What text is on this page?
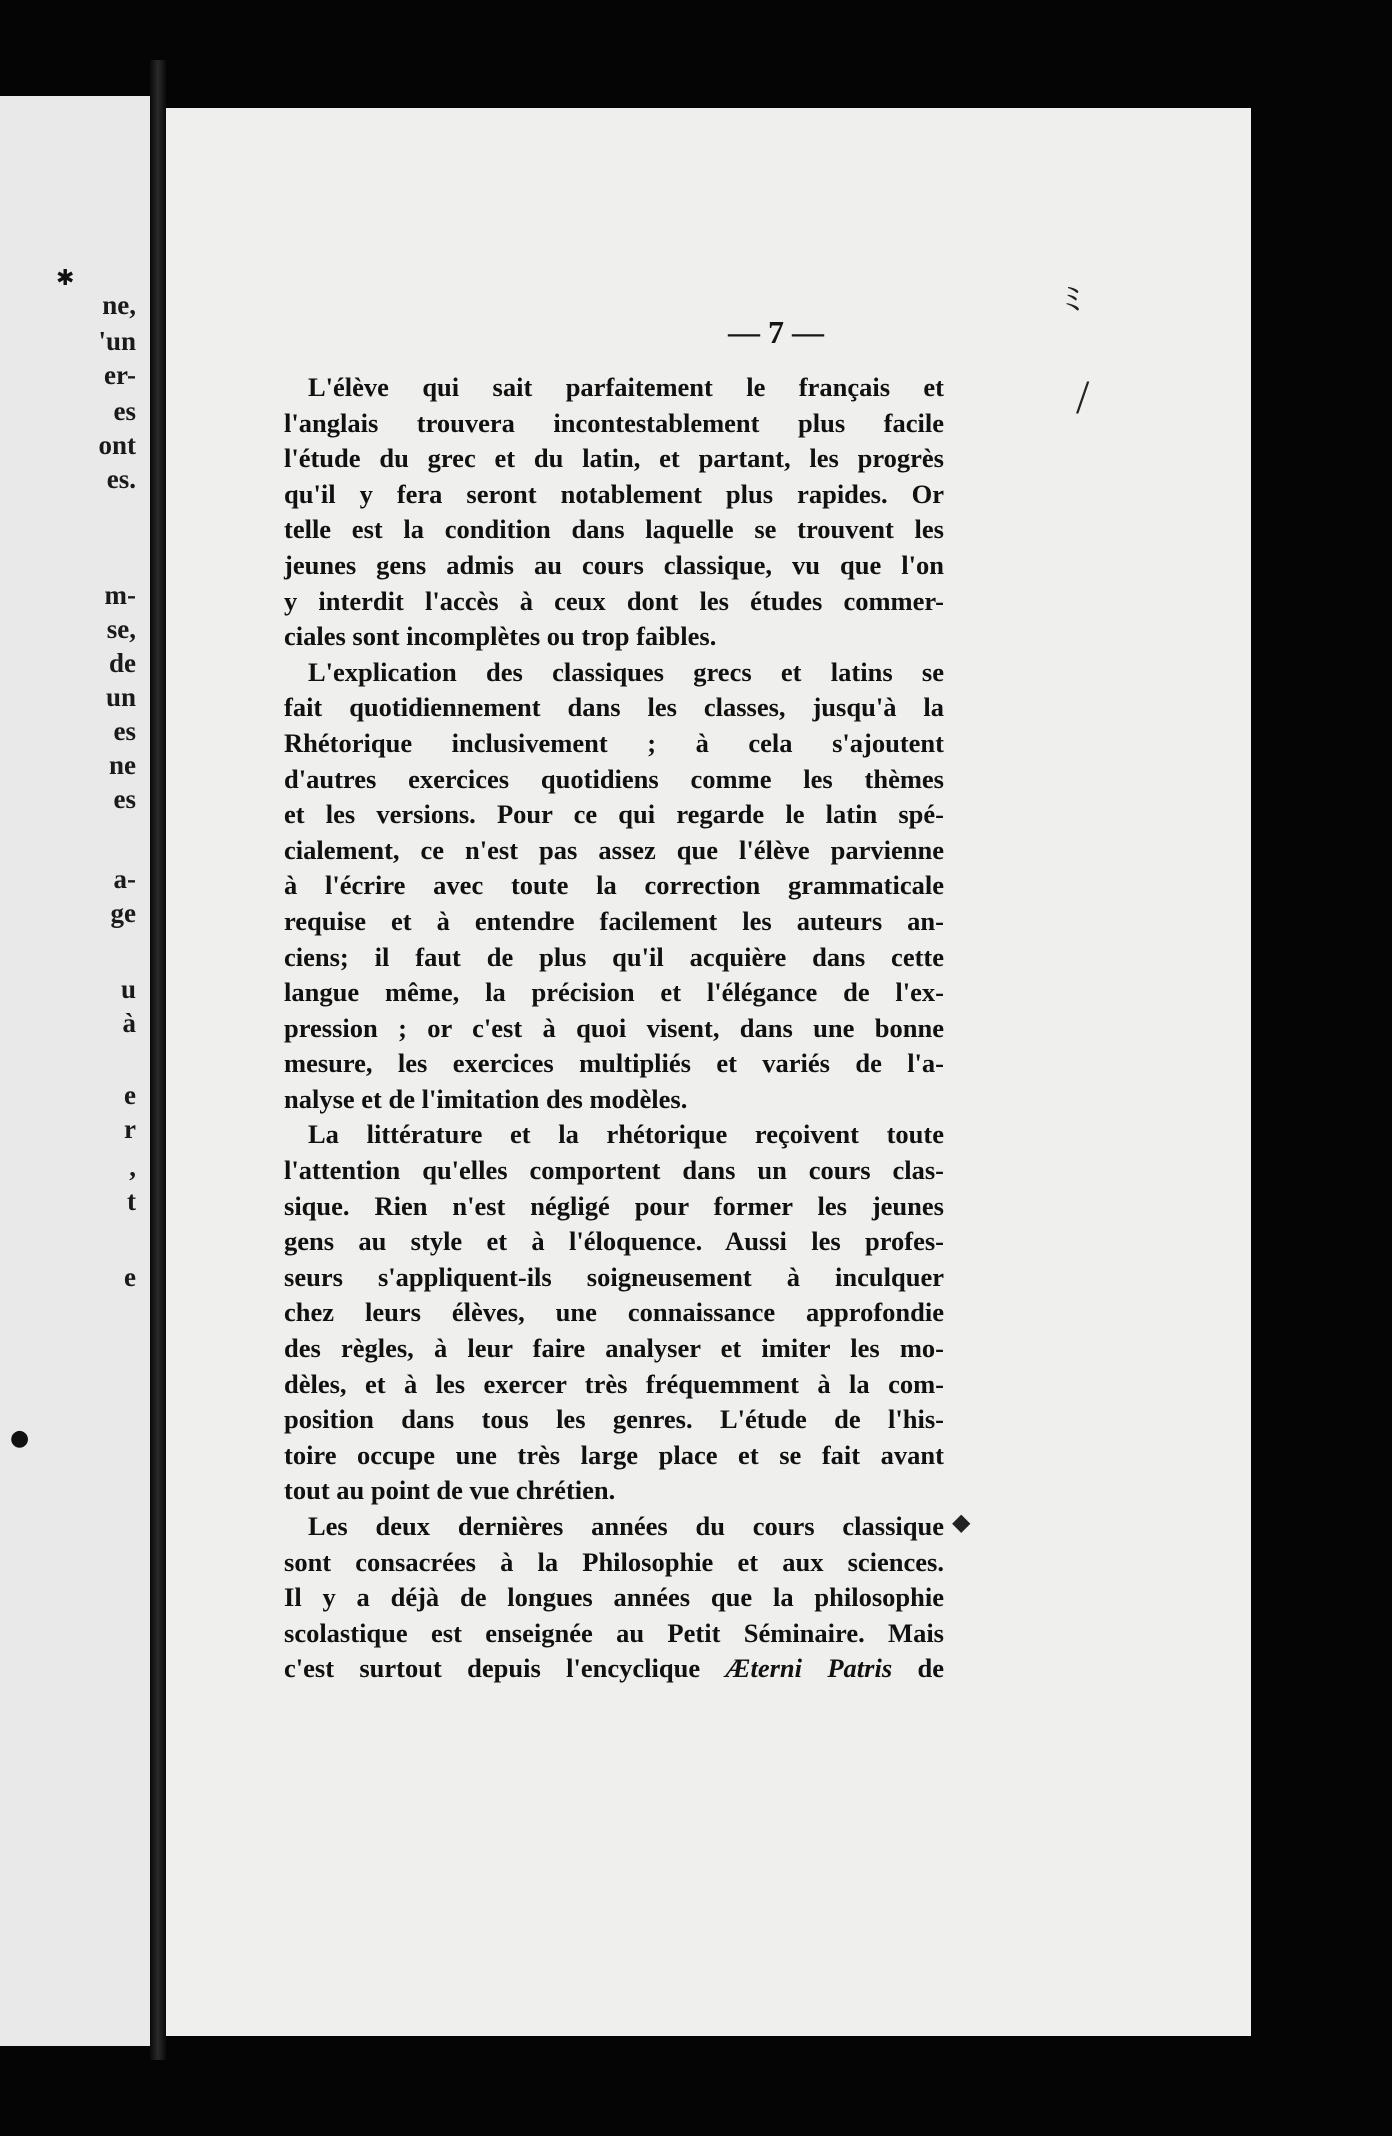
✱
ne,
'un
er-
es
ont
es.
m-
se,
de
un
es
ne
es
a-
ge
u
à
e
r
,
t
e
●
— 7 —
L'élève qui sait parfaitement le français et
l'anglais trouvera incontestablement plus facile
l'étude du grec et du latin, et partant, les progrès
qu'il y fera seront notablement plus rapides. Or
telle est la condition dans laquelle se trouvent les
jeunes gens admis au cours classique, vu que l'on
y interdit l'accès à ceux dont les études commer-
ciales sont incomplètes ou trop faibles.
L'explication des classiques grecs et latins se
fait quotidiennement dans les classes, jusqu'à la
Rhétorique inclusivement ; à cela s'ajoutent
d'autres exercices quotidiens comme les thèmes
et les versions. Pour ce qui regarde le latin spé-
cialement, ce n'est pas assez que l'élève parvienne
à l'écrire avec toute la correction grammaticale
requise et à entendre facilement les auteurs an-
ciens; il faut de plus qu'il acquière dans cette
langue même, la précision et l'élégance de l'ex-
pression ; or c'est à quoi visent, dans une bonne
mesure, les exercices multipliés et variés de l'a-
nalyse et de l'imitation des modèles.
La littérature et la rhétorique reçoivent toute
l'attention qu'elles comportent dans un cours clas-
sique. Rien n'est négligé pour former les jeunes
gens au style et à l'éloquence. Aussi les profes-
seurs s'appliquent-ils soigneusement à inculquer
chez leurs élèves, une connaissance approfondie
des règles, à leur faire analyser et imiter les mo-
dèles, et à les exercer très fréquemment à la com-
position dans tous les genres. L'étude de l'his-
toire occupe une très large place et se fait avant
tout au point de vue chrétien.
Les deux dernières années du cours classique
sont consacrées à la Philosophie et aux sciences.
Il y a déjà de longues années que la philosophie
scolastique est enseignée au Petit Séminaire. Mais
c'est surtout depuis l'encyclique Æterni Patris de
ﾐ
/
◆
